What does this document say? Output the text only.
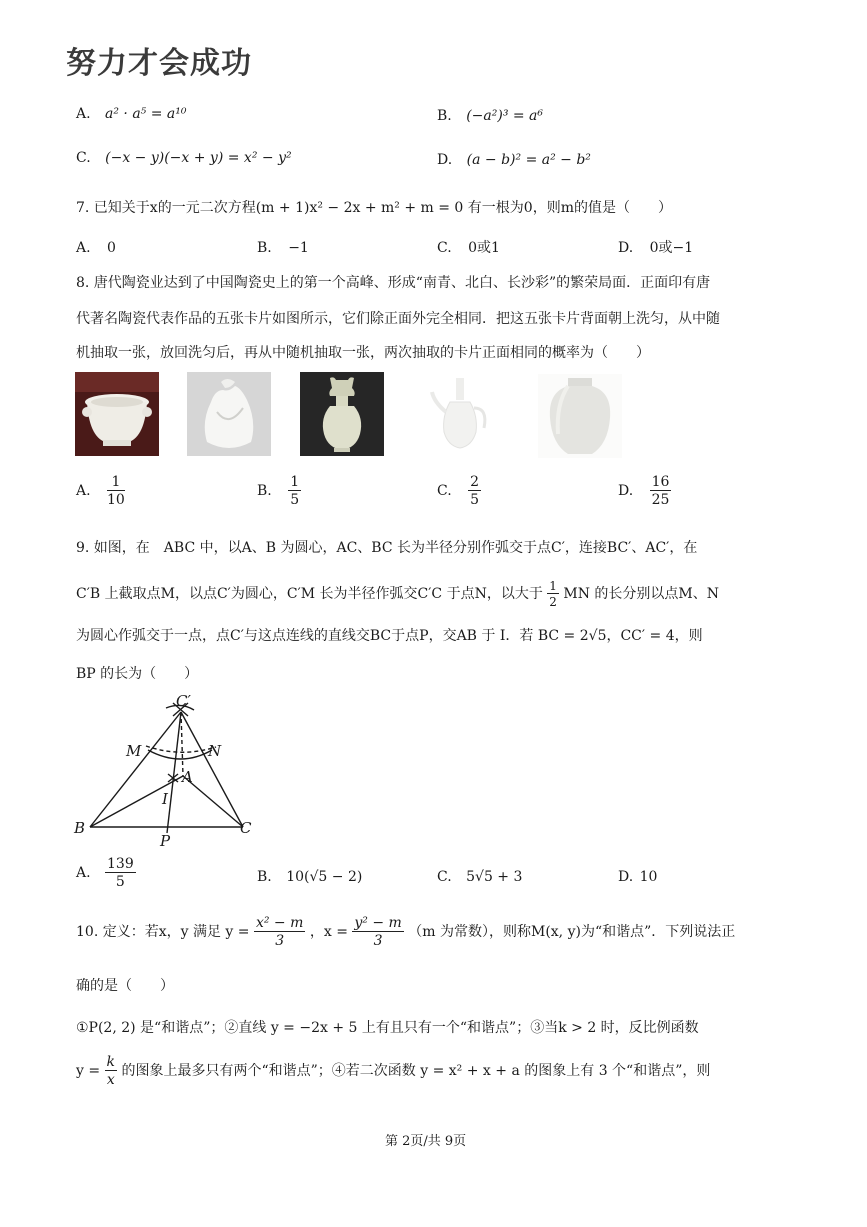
努力才会成功
A. a² · a⁵ = a¹⁰	B. (−a²)³ = a⁶
C. (−x − y)(−x + y) = x² − y²	D. (a − b)² = a² − b²
7. 已知关于x的一元二次方程(m + 1)x² − 2x + m² + m = 0 有一根为0，则m的值是（　　）
A. 0	B. −1	C. 0或1	D. 0或−1
8. 唐代陶瓷业达到了中国陶瓷史上的第一个高峰、形成“南青、北白、长沙彩”的繁荣局面．正面印有唐
代著名陶瓷代表作品的五张卡片如图所示，它们除正面外完全相同．把这五张卡片背面朝上洗匀，从中随
机抽取一张，放回洗匀后，再从中随机抽取一张，两次抽取的卡片正面相同的概率为（　　）
A. $\frac{1}{10}$	B. $\frac{1}{5}$	C. $\frac{2}{5}$	D. $\frac{16}{25}$
9. 如图，在　ABC 中，以A、B 为圆心，AC、BC 长为半径分别作弧交于点C′，连接BC′、AC′，在
C′B 上截取点M，以点C′为圆心，C′M 长为半径作弧交C′C 于点N，以大于 $\frac{1}{2}$ MN 的长分别以点M、N
为圆心作弧交于一点，点C′与这点连线的直线交BC于点P，交AB 于 I．若 BC = 2√5，CC′ = 4，则
BP 的长为（　　）
C′
M	N
A
I
B
P
C
A. $\frac{139}{5}$	B. 10(√5 − 2)	C. 5√5 + 3	D. 10
10. 定义：若x，y 满足 $y = \frac{\text{x² − m}}{3}$ ，$x = \frac{\text{y² − m}}{3} (m$ 为常数），则称M(x, y)为“和谐点”．下列说法正
确的是（　　）
①P(2, 2) 是“和谐点”；②直线 y = −2x + 5 上有且只有一个“和谐点”；③当k > 2 时，反比例函数
$y = \frac{k}{x}$ 的图象上最多只有两个“和谐点”；④若二次函数 y = x² + x + a 的图象上有 3 个“和谐点”，则
第 2页/共 9页
